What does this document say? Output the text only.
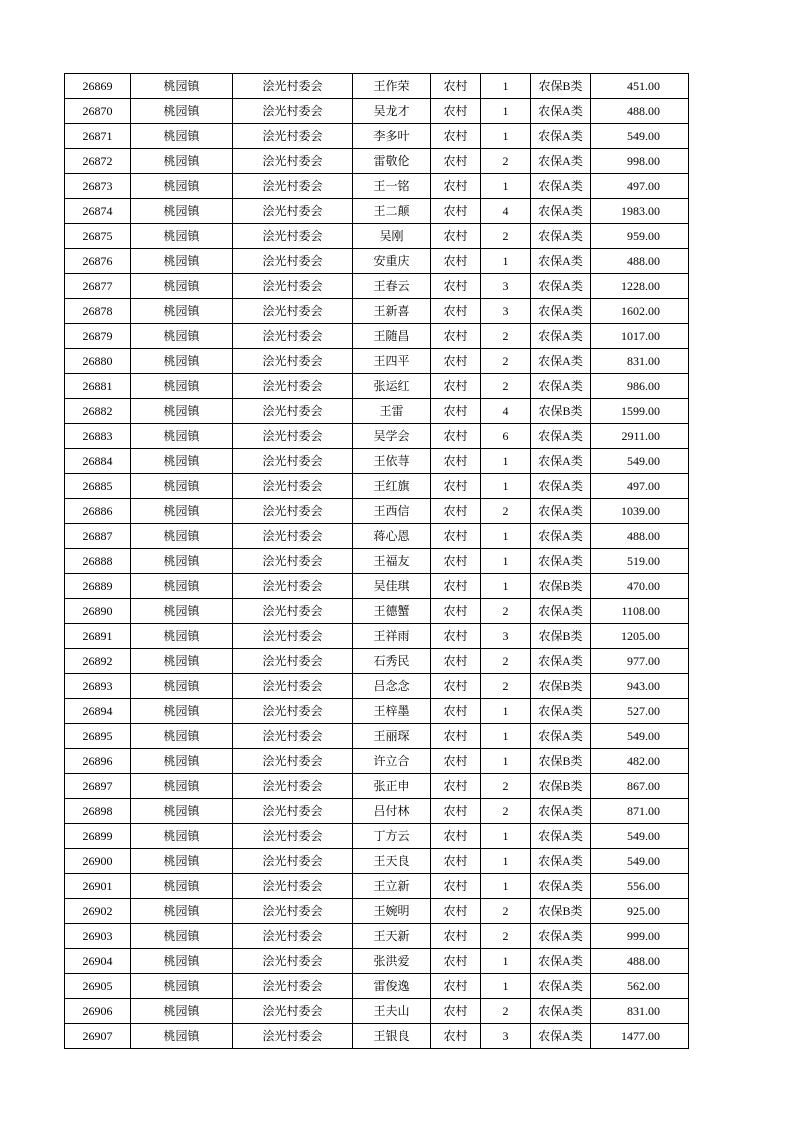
26869	桃园镇	浍光村委会	王作荣	农村	1	农保B类	451.00
26870	桃园镇	浍光村委会	吴龙才	农村	1	农保A类	488.00
26871	桃园镇	浍光村委会	李多叶	农村	1	农保A类	549.00
26872	桃园镇	浍光村委会	雷敬伦	农村	2	农保A类	998.00
26873	桃园镇	浍光村委会	王一铭	农村	1	农保A类	497.00
26874	桃园镇	浍光村委会	王二颠	农村	4	农保A类	1983.00
26875	桃园镇	浍光村委会	吴刚	农村	2	农保A类	959.00
26876	桃园镇	浍光村委会	安重庆	农村	1	农保A类	488.00
26877	桃园镇	浍光村委会	王春云	农村	3	农保A类	1228.00
26878	桃园镇	浍光村委会	王新喜	农村	3	农保A类	1602.00
26879	桃园镇	浍光村委会	王随昌	农村	2	农保A类	1017.00
26880	桃园镇	浍光村委会	王四平	农村	2	农保A类	831.00
26881	桃园镇	浍光村委会	张运红	农村	2	农保A类	986.00
26882	桃园镇	浍光村委会	王雷	农村	4	农保B类	1599.00
26883	桃园镇	浍光村委会	吴学会	农村	6	农保A类	2911.00
26884	桃园镇	浍光村委会	王依荨	农村	1	农保A类	549.00
26885	桃园镇	浍光村委会	王红旗	农村	1	农保A类	497.00
26886	桃园镇	浍光村委会	王西信	农村	2	农保A类	1039.00
26887	桃园镇	浍光村委会	蒋心恩	农村	1	农保A类	488.00
26888	桃园镇	浍光村委会	王福友	农村	1	农保A类	519.00
26889	桃园镇	浍光村委会	吴佳琪	农村	1	农保B类	470.00
26890	桃园镇	浍光村委会	王德蟹	农村	2	农保A类	1108.00
26891	桃园镇	浍光村委会	王祥雨	农村	3	农保B类	1205.00
26892	桃园镇	浍光村委会	石秀民	农村	2	农保A类	977.00
26893	桃园镇	浍光村委会	吕念念	农村	2	农保B类	943.00
26894	桃园镇	浍光村委会	王梓墨	农村	1	农保A类	527.00
26895	桃园镇	浍光村委会	王丽琛	农村	1	农保A类	549.00
26896	桃园镇	浍光村委会	许立合	农村	1	农保B类	482.00
26897	桃园镇	浍光村委会	张正申	农村	2	农保B类	867.00
26898	桃园镇	浍光村委会	吕付林	农村	2	农保A类	871.00
26899	桃园镇	浍光村委会	丁方云	农村	1	农保A类	549.00
26900	桃园镇	浍光村委会	王天良	农村	1	农保A类	549.00
26901	桃园镇	浍光村委会	王立新	农村	1	农保A类	556.00
26902	桃园镇	浍光村委会	王婉明	农村	2	农保B类	925.00
26903	桃园镇	浍光村委会	王天新	农村	2	农保A类	999.00
26904	桃园镇	浍光村委会	张洪爱	农村	1	农保A类	488.00
26905	桃园镇	浍光村委会	雷俊逸	农村	1	农保A类	562.00
26906	桃园镇	浍光村委会	王夫山	农村	2	农保A类	831.00
26907	桃园镇	浍光村委会	王银良	农村	3	农保A类	1477.00
